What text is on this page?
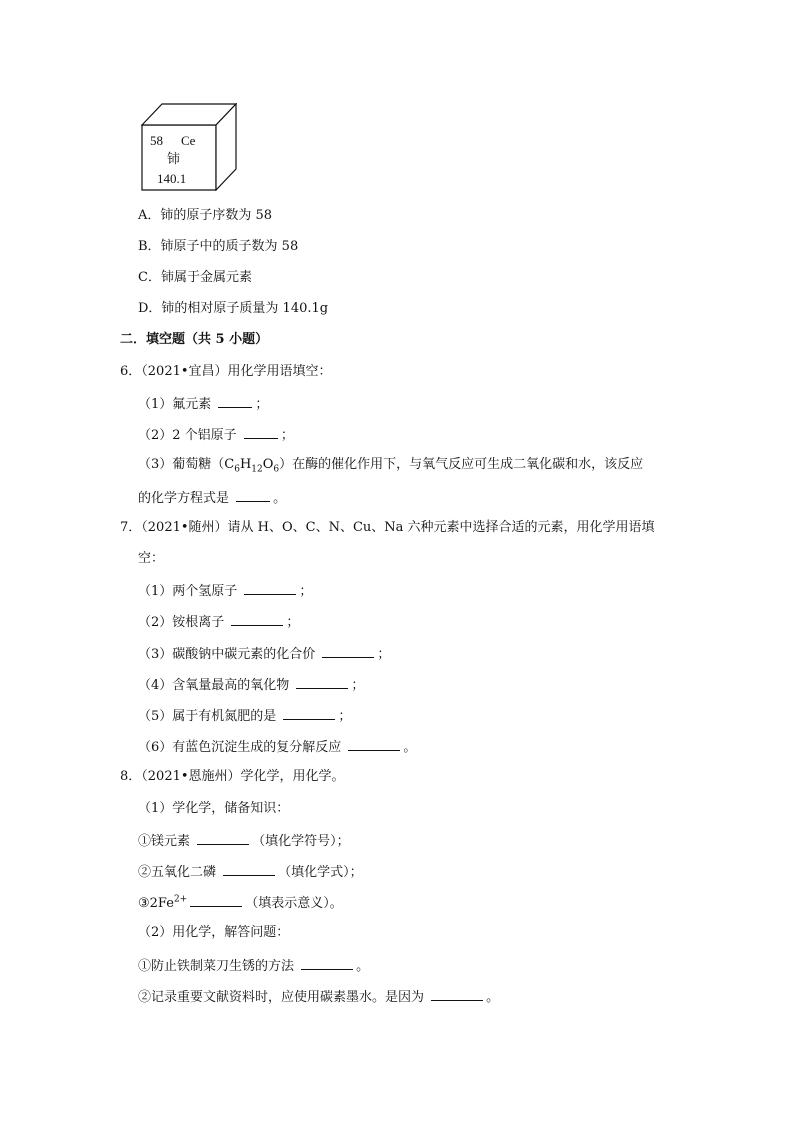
58 Ce
铈
140.1
A．铈的原子序数为 58
B．铈原子中的质子数为 58
C．铈属于金属元素
D．铈的相对原子质量为 140.1g
二．填空题（共 5 小题）
6．（2021•宜昌）用化学用语填空：
（1）氟元素	；
（2）2 个铝原子	；
（3）葡萄糖$(C_6H_{12}O_6)$在酶的催化作用下，与氧气反应可生成二氧化碳和水，该反应
的化学方程式是	。
7．（2021•随州）请从 H、O、C、N、Cu、Na 六种元素中选择合适的元素，用化学用语填
空：
（1）两个氢原子	；
（2）铵根离子	；
（3）碳酸钠中碳元素的化合价	；
（4）含氧量最高的氧化物	；
（5）属于有机氮肥的是	；
（6）有蓝色沉淀生成的复分解反应	。
8．（2021•恩施州）学化学，用化学。
（1）学化学，储备知识：
①镁元素	（填化学符号）；
②五氧化二磷	（填化学式）；
$③2Fe^{2+}$	（填表示意义）。
（2）用化学，解答问题：
①防止铁制菜刀生锈的方法	。
②记录重要文献资料时，应使用碳素墨水。是因为	。
